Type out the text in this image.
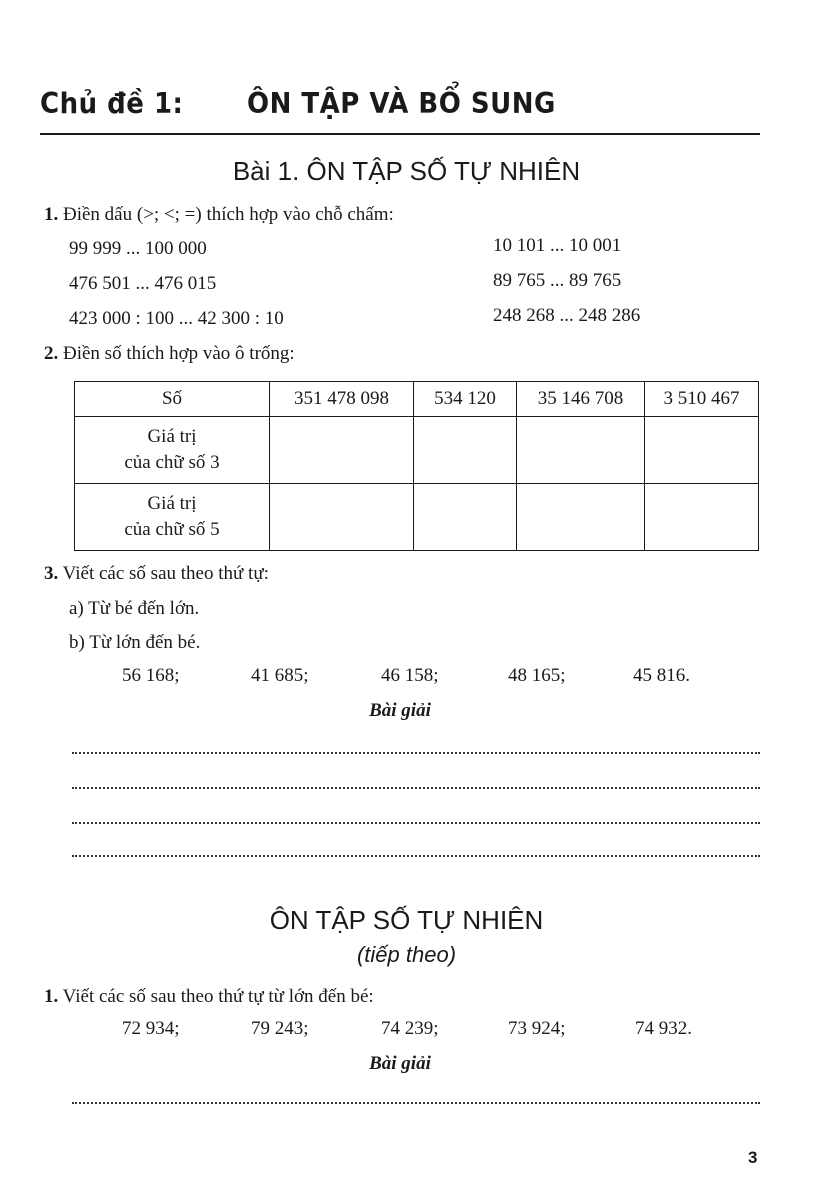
Chủ đề 1: ÔN TẬP VÀ BỔ SUNG
Bài 1. ÔN TẬP SỐ TỰ NHIÊN
1. Điền dấu (>; <; =) thích hợp vào chỗ chấm:
99 999 ... 100 000	10 101 ... 10 001
476 501 ... 476 015	89 765 ... 89 765
423 000 : 100 ... 42 300 : 10	248 268 ... 248 286
2. Điền số thích hợp vào ô trống:
Số	351 478 098	534 120	35 146 708	3 510 467

Giá trị
của chữ số 3				

Giá trị
của chữ số 5				

3. Viết các số sau theo thứ tự:
a) Từ bé đến lớn.
b) Từ lớn đến bé.
56 168;	41 685;	46 158;	48 165;	45 816.
Bài giải
ÔN TẬP SỐ TỰ NHIÊN
(tiếp theo)
1. Viết các số sau theo thứ tự từ lớn đến bé:
72 934;	79 243;	74 239;	73 924;	74 932.
Bài giải
3
